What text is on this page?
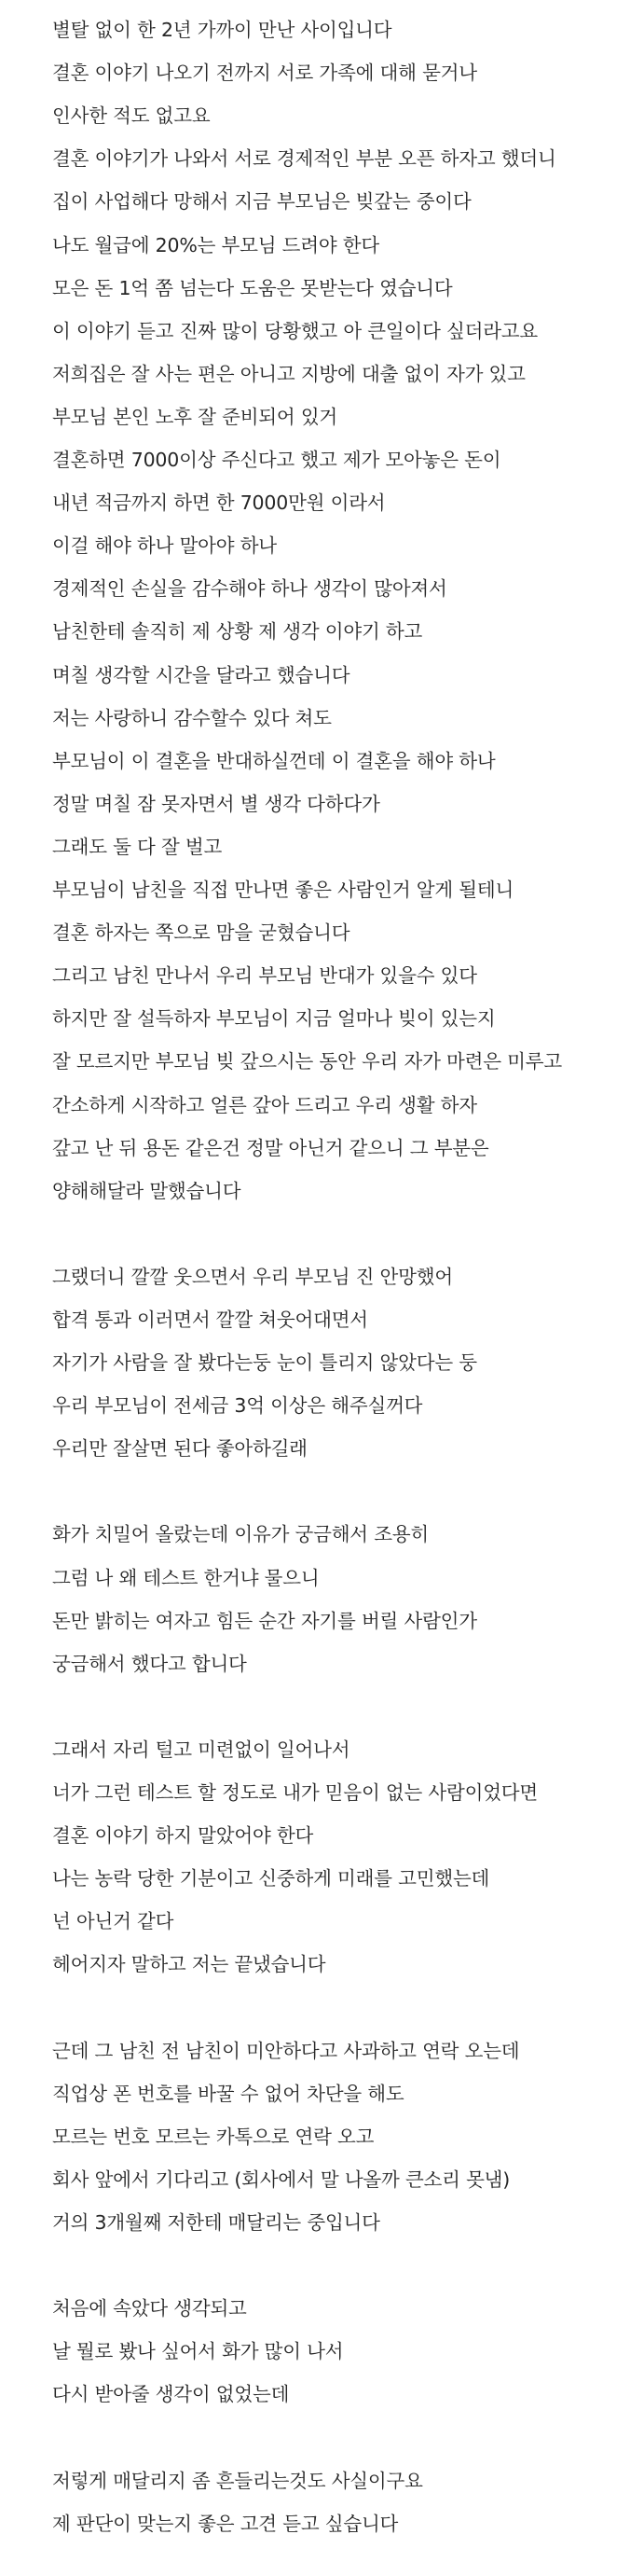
별탈 없이 한 2년 가까이 만난 사이입니다
결혼 이야기 나오기 전까지 서로 가족에 대해 묻거나
인사한 적도 없고요
결혼 이야기가 나와서 서로 경제적인 부분 오픈 하자고 했더니
집이 사업해다 망해서 지금 부모님은 빚갚는 중이다
나도 월급에 20%는 부모님 드려야 한다
모은 돈 1억 쫌 넘는다 도움은 못받는다 였습니다
이 이야기 듣고 진짜 많이 당황했고 아 큰일이다 싶더라고요
저희집은 잘 사는 편은 아니고 지방에 대출 없이 자가 있고
부모님 본인 노후 잘 준비되어 있거
결혼하면 7000이상 주신다고 했고 제가 모아놓은 돈이
내년 적금까지 하면 한 7000만원 이라서
이걸 해야 하나 말아야 하나
경제적인 손실을 감수해야 하나 생각이 많아져서
남친한테 솔직히 제 상황 제 생각 이야기 하고
며칠 생각할 시간을 달라고 했습니다
저는 사랑하니 감수할수 있다 쳐도
부모님이 이 결혼을 반대하실껀데 이 결혼을 해야 하나
정말 며칠 잠 못자면서 별 생각 다하다가
그래도 둘 다 잘 벌고
부모님이 남친을 직접 만나면 좋은 사람인거 알게 될테니
결혼 하자는 쪽으로 맘을 굳혔습니다
그리고 남친 만나서 우리 부모님 반대가 있을수 있다
하지만 잘 설득하자 부모님이 지금 얼마나 빚이 있는지
잘 모르지만 부모님 빚 갚으시는 동안 우리 자가 마련은 미루고
간소하게 시작하고 얼른 갚아 드리고 우리 생활 하자
갚고 난 뒤 용돈 같은건 정말 아닌거 같으니 그 부분은
양해해달라 말했습니다
그랬더니 깔깔 웃으면서 우리 부모님 진 안망했어
합격 통과 이러면서 깔깔 쳐웃어대면서
자기가 사람을 잘 봤다는둥 눈이 틀리지 않았다는 둥
우리 부모님이 전세금 3억 이상은 해주실꺼다
우리만 잘살면 된다 좋아하길래
화가 치밀어 올랐는데 이유가 궁금해서 조용히
그럼 나 왜 테스트 한거냐 물으니
돈만 밝히는 여자고 힘든 순간 자기를 버릴 사람인가
궁금해서 했다고 합니다
그래서 자리 털고 미련없이 일어나서
너가 그런 테스트 할 정도로 내가 믿음이 없는 사람이었다면
결혼 이야기 하지 말았어야 한다
나는 농락 당한 기분이고 신중하게 미래를 고민했는데
넌 아닌거 같다
헤어지자 말하고 저는 끝냈습니다
근데 그 남친 전 남친이 미안하다고 사과하고 연락 오는데
직업상 폰 번호를 바꿀 수 없어 차단을 해도
모르는 번호 모르는 카톡으로 연락 오고
회사 앞에서 기다리고 (회사에서 말 나올까 큰소리 못냄)
거의 3개월째 저한테 매달리는 중입니다
처음에 속았다 생각되고
날 뭘로 봤나 싶어서 화가 많이 나서
다시 받아줄 생각이 없었는데
저렇게 매달리지 좀 흔들리는것도 사실이구요
제 판단이 맞는지 좋은 고견 듣고 싶습니다
